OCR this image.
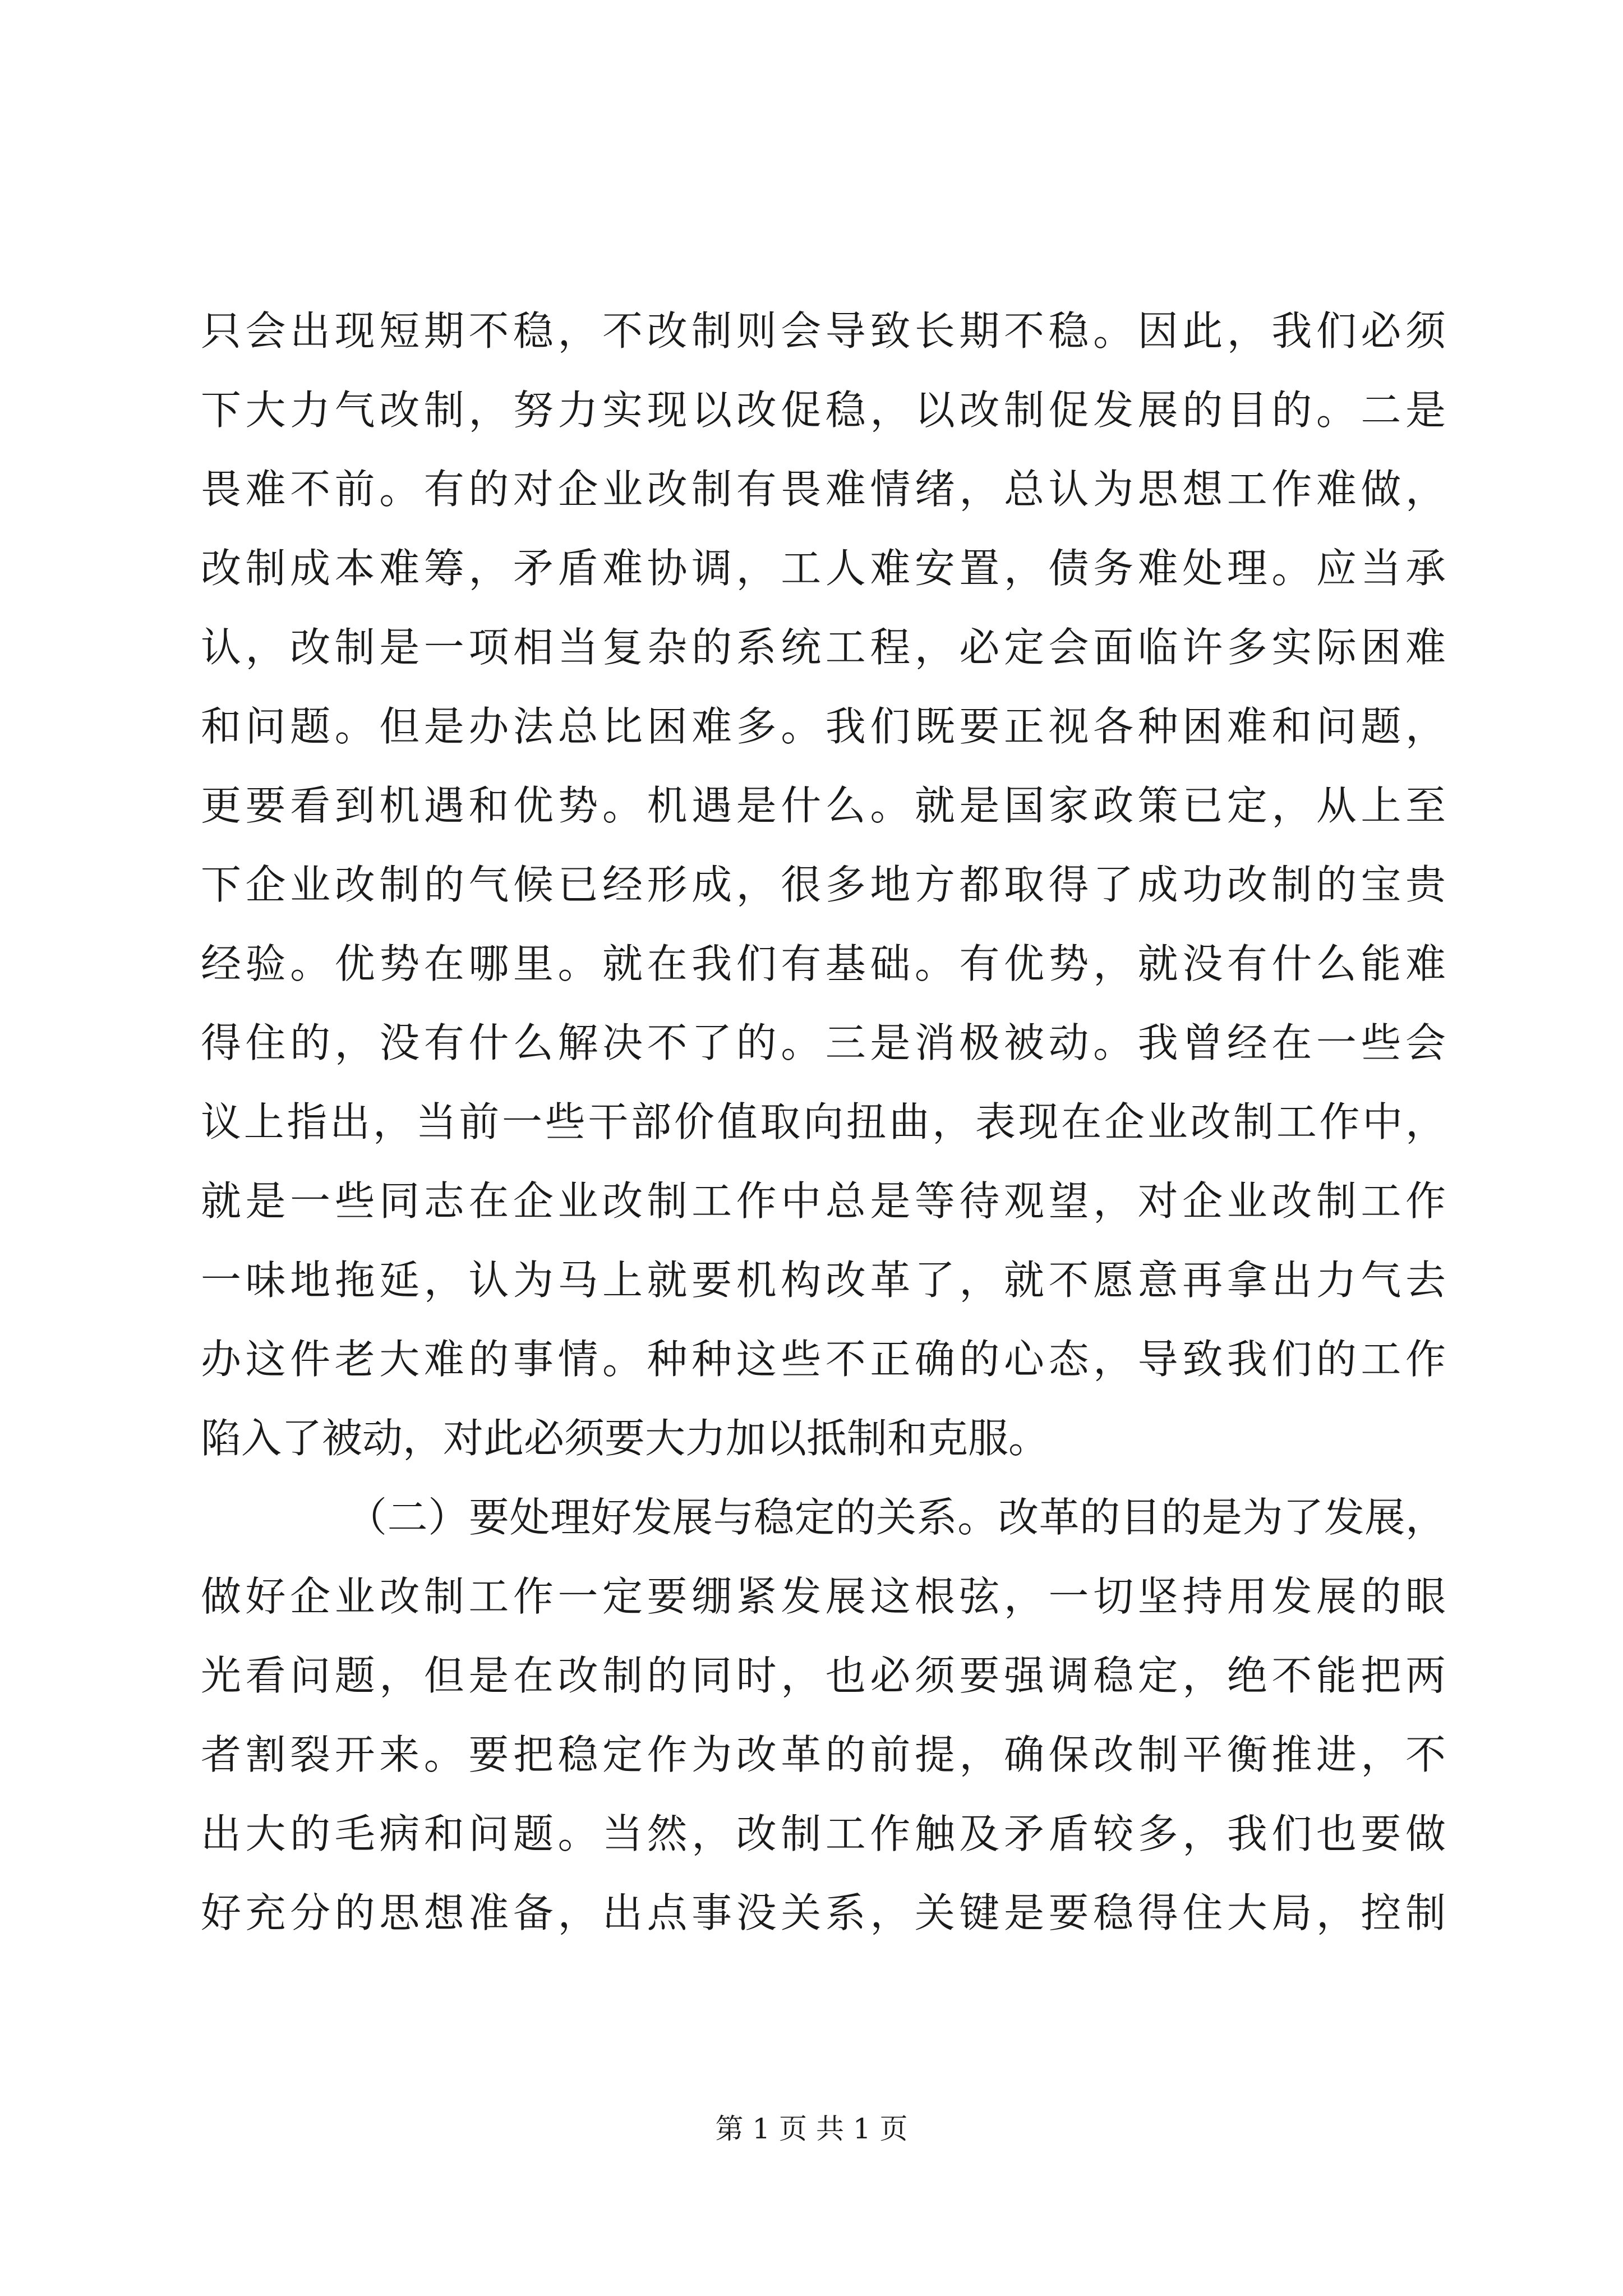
只会出现短期不稳，不改制则会导致长期不稳。因此，我们必须
下大力气改制，努力实现以改促稳，以改制促发展的目的。二是
畏难不前。有的对企业改制有畏难情绪，总认为思想工作难做，
改制成本难筹，矛盾难协调，工人难安置，债务难处理。应当承
认，改制是一项相当复杂的系统工程，必定会面临许多实际困难
和问题。但是办法总比困难多。我们既要正视各种困难和问题，
更要看到机遇和优势。机遇是什么。就是国家政策已定，从上至
下企业改制的气候已经形成，很多地方都取得了成功改制的宝贵
经验。优势在哪里。就在我们有基础。有优势，就没有什么能难
得住的，没有什么解决不了的。三是消极被动。我曾经在一些会
议上指出，当前一些干部价值取向扭曲，表现在企业改制工作中，
就是一些同志在企业改制工作中总是等待观望，对企业改制工作
一味地拖延，认为马上就要机构改革了，就不愿意再拿出力气去
办这件老大难的事情。种种这些不正确的心态，导致我们的工作
陷入了被动，对此必须要大力加以抵制和克服。
（二）要处理好发展与稳定的关系。改革的目的是为了发展，
做好企业改制工作一定要绷紧发展这根弦，一切坚持用发展的眼
光看问题，但是在改制的同时，也必须要强调稳定，绝不能把两
者割裂开来。要把稳定作为改革的前提，确保改制平衡推进，不
出大的毛病和问题。当然，改制工作触及矛盾较多，我们也要做
好充分的思想准备，出点事没关系，关键是要稳得住大局，控制
第 1 页 共 1 页
